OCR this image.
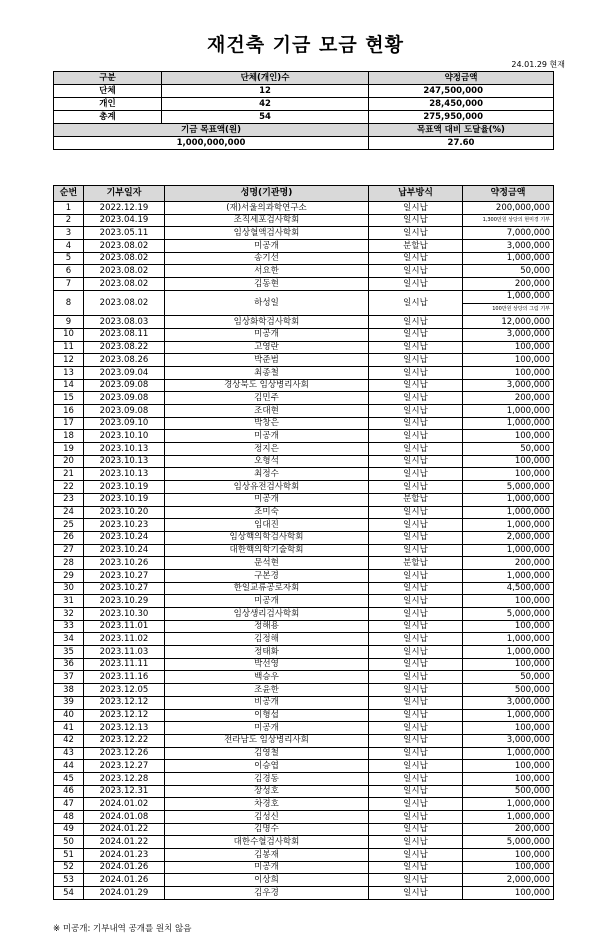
재건축 기금 모금 현황
24.01.29 현재
구분	단체(개인)수	약정금액
단체	12	247,500,000
개인	42	28,450,000
총계	54	275,950,000
기금 목표액(원)		목표액 대비 도달율(%)
1,000,000,000		27.60
순번	기부일자	성명(기관명)	납부방식	약정금액
1	2022.12.19	(재)서울의과학연구소	일시납	200,000,000
2	2023.04.19	조직세포검사학회	일시납	1,300만원 상당의 현미경 기부
3	2023.05.11	임상혈액검사학회	일시납	7,000,000
4	2023.08.02	미공개	분할납	3,000,000
5	2023.08.02	송기선	일시납	1,000,000
6	2023.08.02	서요한	일시납	50,000
7	2023.08.02	김동현	일시납	200,000
8	2023.08.02	하성일	일시납	1,000,000
				100만원 상당의 그림 기부
9	2023.08.03	임상화학검사학회	일시납	12,000,000
10	2023.08.11	미공개	일시납	3,000,000
11	2023.08.22	고영란	일시납	100,000
12	2023.08.26	박준범	일시납	100,000
13	2023.09.04	최종철	일시납	100,000
14	2023.09.08	경상북도 임상병리사회	일시납	3,000,000
15	2023.09.08	김민주	일시납	200,000
16	2023.09.08	조대현	일시납	1,000,000
17	2023.09.10	박창은	일시납	1,000,000
18	2023.10.10	미공개	일시납	100,000
19	2023.10.13	정지은	일시납	50,000
20	2023.10.13	오형석	일시납	100,000
21	2023.10.13	최정수	일시납	100,000
22	2023.10.19	임상유전검사학회	일시납	5,000,000
23	2023.10.19	미공개	분할납	1,000,000
24	2023.10.20	조미숙	일시납	1,000,000
25	2023.10.23	임대진	일시납	1,000,000
26	2023.10.24	임상핵의학검사학회	일시납	2,000,000
27	2023.10.24	대한핵의학기술학회	일시납	1,000,000
28	2023.10.26	문석현	분할납	200,000
29	2023.10.27	구본경	일시납	1,000,000
30	2023.10.27	한일교류공로자회	일시납	4,500,000
31	2023.10.29	미공개	일시납	100,000
32	2023.10.30	임상생리검사학회	일시납	5,000,000
33	2023.11.01	정해용	일시납	100,000
34	2023.11.02	김정해	일시납	1,000,000
35	2023.11.03	정태화	일시납	1,000,000
36	2023.11.11	박선영	일시납	100,000
37	2023.11.16	백승우	일시납	50,000
38	2023.12.05	조윤한	일시납	500,000
39	2023.12.12	비공개	일시납	3,000,000
40	2023.12.12	이형섭	일시납	1,000,000
41	2023.12.13	미공개	일시납	100,000
42	2023.12.22	전라남도 임상병리사회	일시납	3,000,000
43	2023.12.26	김영철	일시납	1,000,000
44	2023.12.27	이승엽	일시납	100,000
45	2023.12.28	김경동	일시납	100,000
46	2023.12.31	장성호	일시납	500,000
47	2024.01.02	차경호	일시납	1,000,000
48	2024.01.08	김성신	일시납	1,000,000
49	2024.01.22	김명수	일시납	200,000
50	2024.01.22	대한수혈검사학회	일시납	5,000,000
51	2024.01.23	김봉재	일시납	100,000
52	2024.01.26	미공개	일시납	100,000
53	2024.01.26	이상희	일시납	2,000,000
54	2024.01.29	김우경	일시납	100,000
※ 미공개: 기부내역 공개를 원치 않음
